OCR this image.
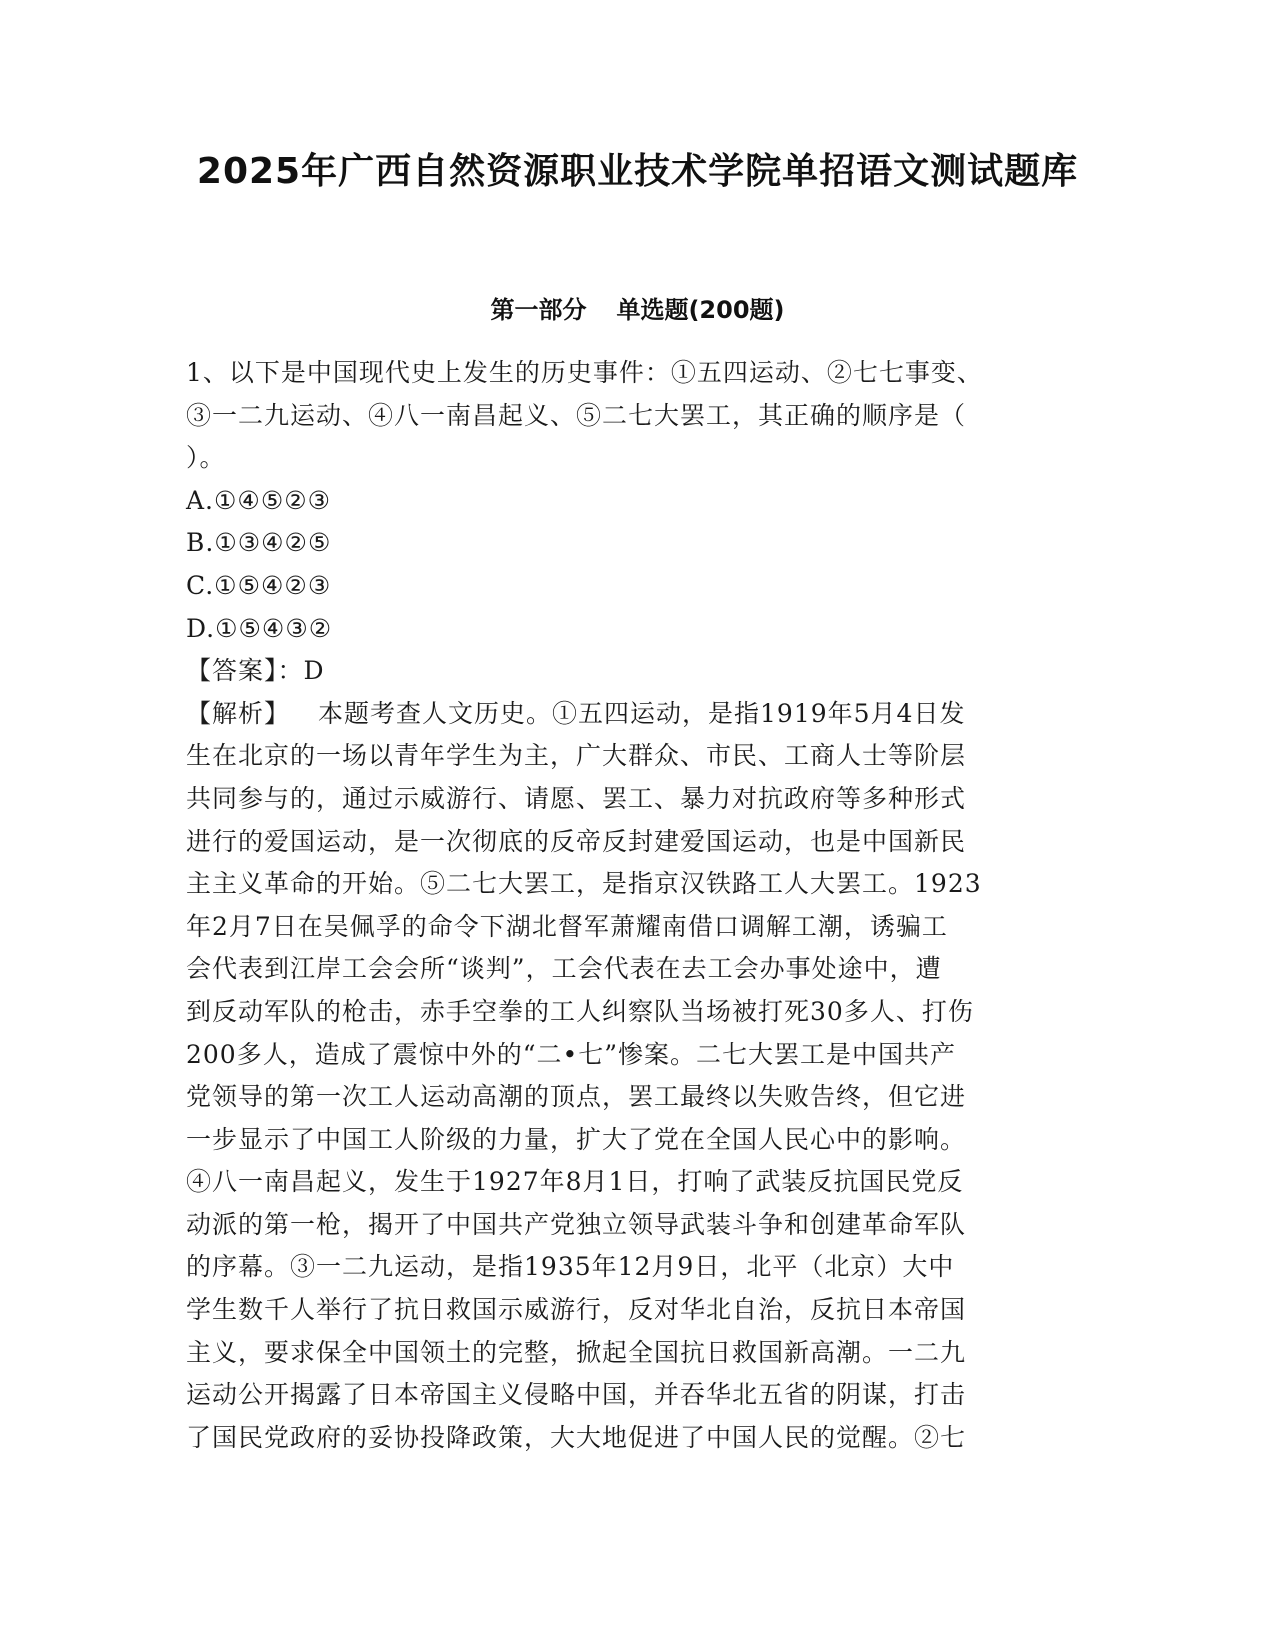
2025年广西自然资源职业技术学院单招语文测试题库
第一部分 单选题(200题)
1、以下是中国现代史上发生的历史事件：①五四运动、②七七事变、
③一二九运动、④八一南昌起义、⑤二七大罢工，其正确的顺序是（
）。
A.①④⑤②③
B.①③④②⑤
C.①⑤④②③
D.①⑤④③②
【答案】：D
【解析】 本题考查人文历史。①五四运动，是指1919年5月4日发
生在北京的一场以青年学生为主，广大群众、市民、工商人士等阶层
共同参与的，通过示威游行、请愿、罢工、暴力对抗政府等多种形式
进行的爱国运动，是一次彻底的反帝反封建爱国运动，也是中国新民
主主义革命的开始。⑤二七大罢工，是指京汉铁路工人大罢工。1923
年2月7日在吴佩孚的命令下湖北督军萧耀南借口调解工潮，诱骗工
会代表到江岸工会会所“谈判”，工会代表在去工会办事处途中，遭
到反动军队的枪击，赤手空拳的工人纠察队当场被打死30多人、打伤
200多人，造成了震惊中外的“二•七”惨案。二七大罢工是中国共产
党领导的第一次工人运动高潮的顶点，罢工最终以失败告终，但它进
一步显示了中国工人阶级的力量，扩大了党在全国人民心中的影响。
④八一南昌起义，发生于1927年8月1日，打响了武装反抗国民党反
动派的第一枪，揭开了中国共产党独立领导武装斗争和创建革命军队
的序幕。③一二九运动，是指1935年12月9日，北平（北京）大中
学生数千人举行了抗日救国示威游行，反对华北自治，反抗日本帝国
主义，要求保全中国领土的完整，掀起全国抗日救国新高潮。一二九
运动公开揭露了日本帝国主义侵略中国，并吞华北五省的阴谋，打击
了国民党政府的妥协投降政策，大大地促进了中国人民的觉醒。②七
